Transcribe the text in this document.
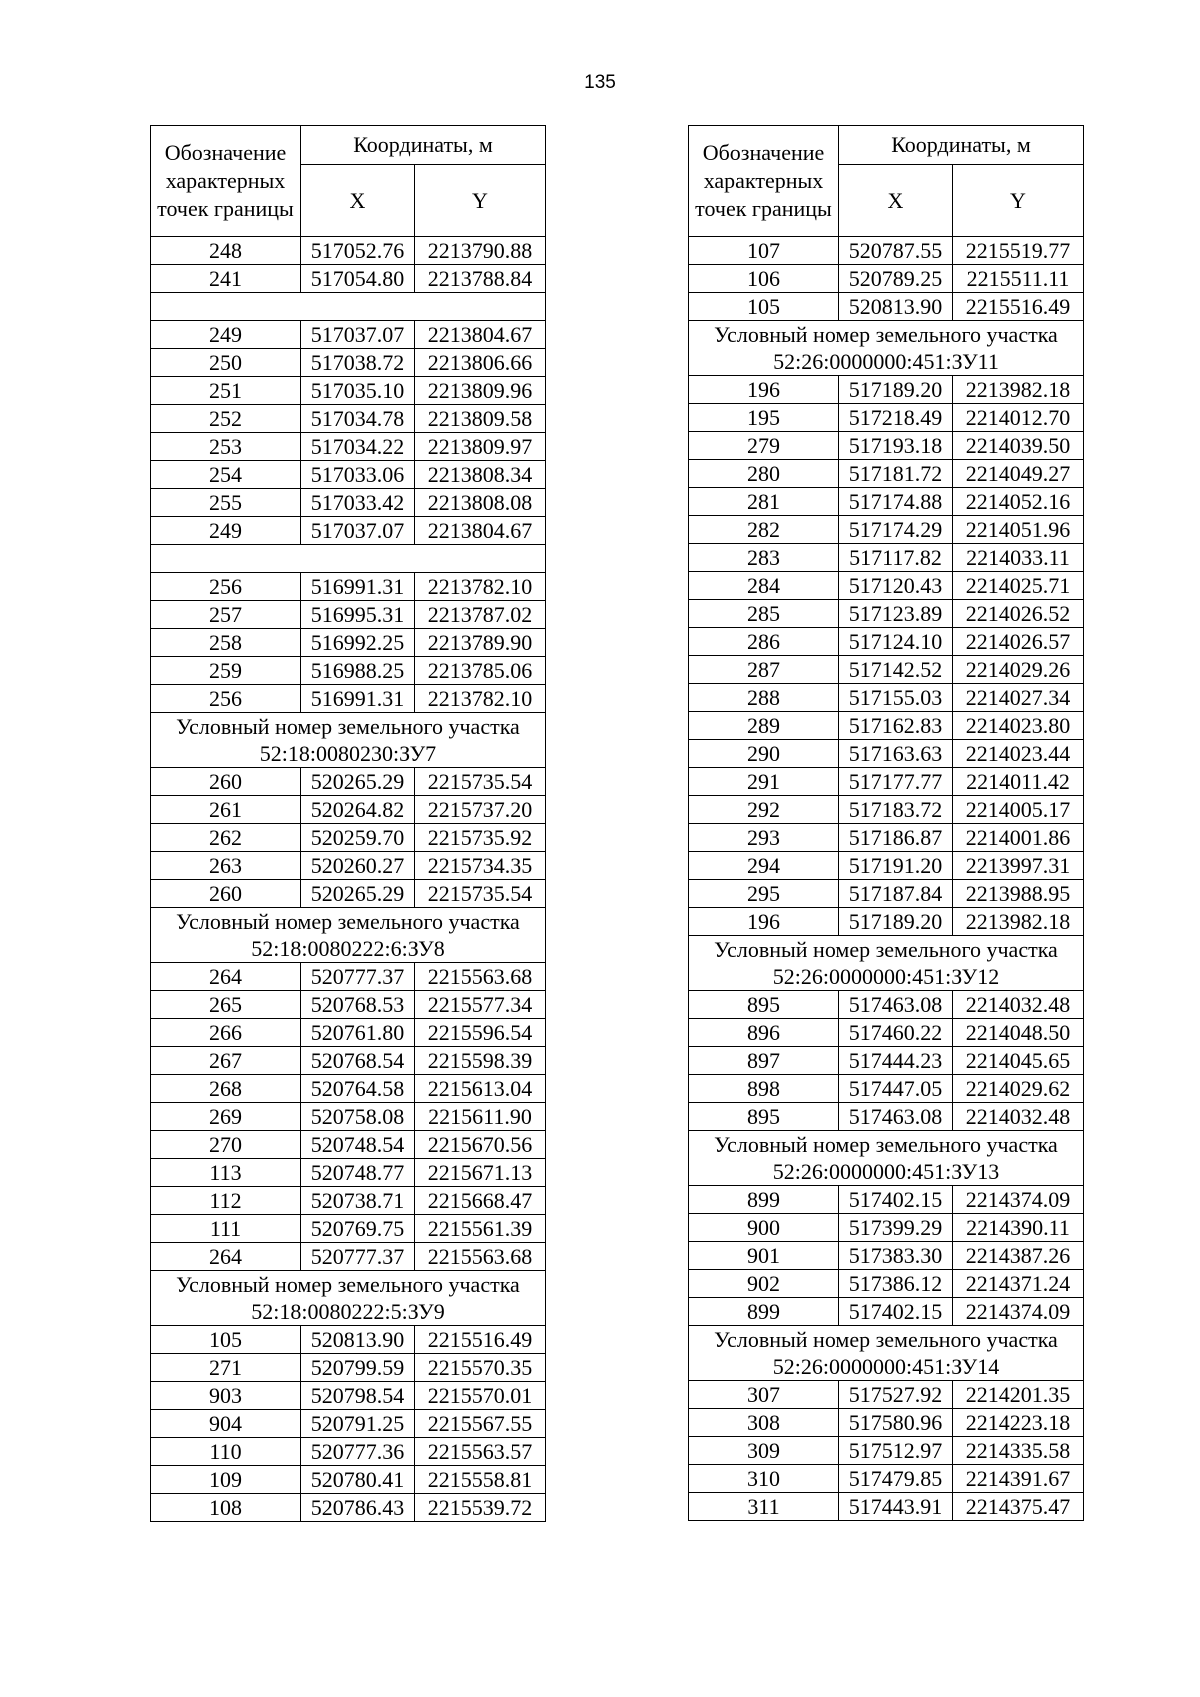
135
Обозначение характерных точек границы	Координаты, м	
	X	Y
248	517052.76	2213790.88
241	517054.80	2213788.84

249	517037.07	2213804.67
250	517038.72	2213806.66
251	517035.10	2213809.96
252	517034.78	2213809.58
253	517034.22	2213809.97
254	517033.06	2213808.34
255	517033.42	2213808.08
249	517037.07	2213804.67

256	516991.31	2213782.10
257	516995.31	2213787.02
258	516992.25	2213789.90
259	516988.25	2213785.06
256	516991.31	2213782.10

Условный номер земельного участка
52:18:0080230:ЗУ7		

260	520265.29	2215735.54
261	520264.82	2215737.20
262	520259.70	2215735.92
263	520260.27	2215734.35
260	520265.29	2215735.54

Условный номер земельного участка
52:18:0080222:6:ЗУ8		

264	520777.37	2215563.68
265	520768.53	2215577.34
266	520761.80	2215596.54
267	520768.54	2215598.39
268	520764.58	2215613.04
269	520758.08	2215611.90
270	520748.54	2215670.56
113	520748.77	2215671.13
112	520738.71	2215668.47
111	520769.75	2215561.39
264	520777.37	2215563.68

Условный номер земельного участка
52:18:0080222:5:ЗУ9		

105	520813.90	2215516.49
271	520799.59	2215570.35
903	520798.54	2215570.01
904	520791.25	2215567.55
110	520777.36	2215563.57
109	520780.41	2215558.81
108	520786.43	2215539.72
Обозначение характерных точек границы	Координаты, м	
	X	Y
107	520787.55	2215519.77
106	520789.25	2215511.11
105	520813.90	2215516.49

Условный номер земельного участка
52:26:0000000:451:ЗУ11		

196	517189.20	2213982.18
195	517218.49	2214012.70
279	517193.18	2214039.50
280	517181.72	2214049.27
281	517174.88	2214052.16
282	517174.29	2214051.96
283	517117.82	2214033.11
284	517120.43	2214025.71
285	517123.89	2214026.52
286	517124.10	2214026.57
287	517142.52	2214029.26
288	517155.03	2214027.34
289	517162.83	2214023.80
290	517163.63	2214023.44
291	517177.77	2214011.42
292	517183.72	2214005.17
293	517186.87	2214001.86
294	517191.20	2213997.31
295	517187.84	2213988.95
196	517189.20	2213982.18

Условный номер земельного участка
52:26:0000000:451:ЗУ12		

895	517463.08	2214032.48
896	517460.22	2214048.50
897	517444.23	2214045.65
898	517447.05	2214029.62
895	517463.08	2214032.48

Условный номер земельного участка
52:26:0000000:451:ЗУ13		

899	517402.15	2214374.09
900	517399.29	2214390.11
901	517383.30	2214387.26
902	517386.12	2214371.24
899	517402.15	2214374.09

Условный номер земельного участка
52:26:0000000:451:ЗУ14		

307	517527.92	2214201.35
308	517580.96	2214223.18
309	517512.97	2214335.58
310	517479.85	2214391.67
311	517443.91	2214375.47
